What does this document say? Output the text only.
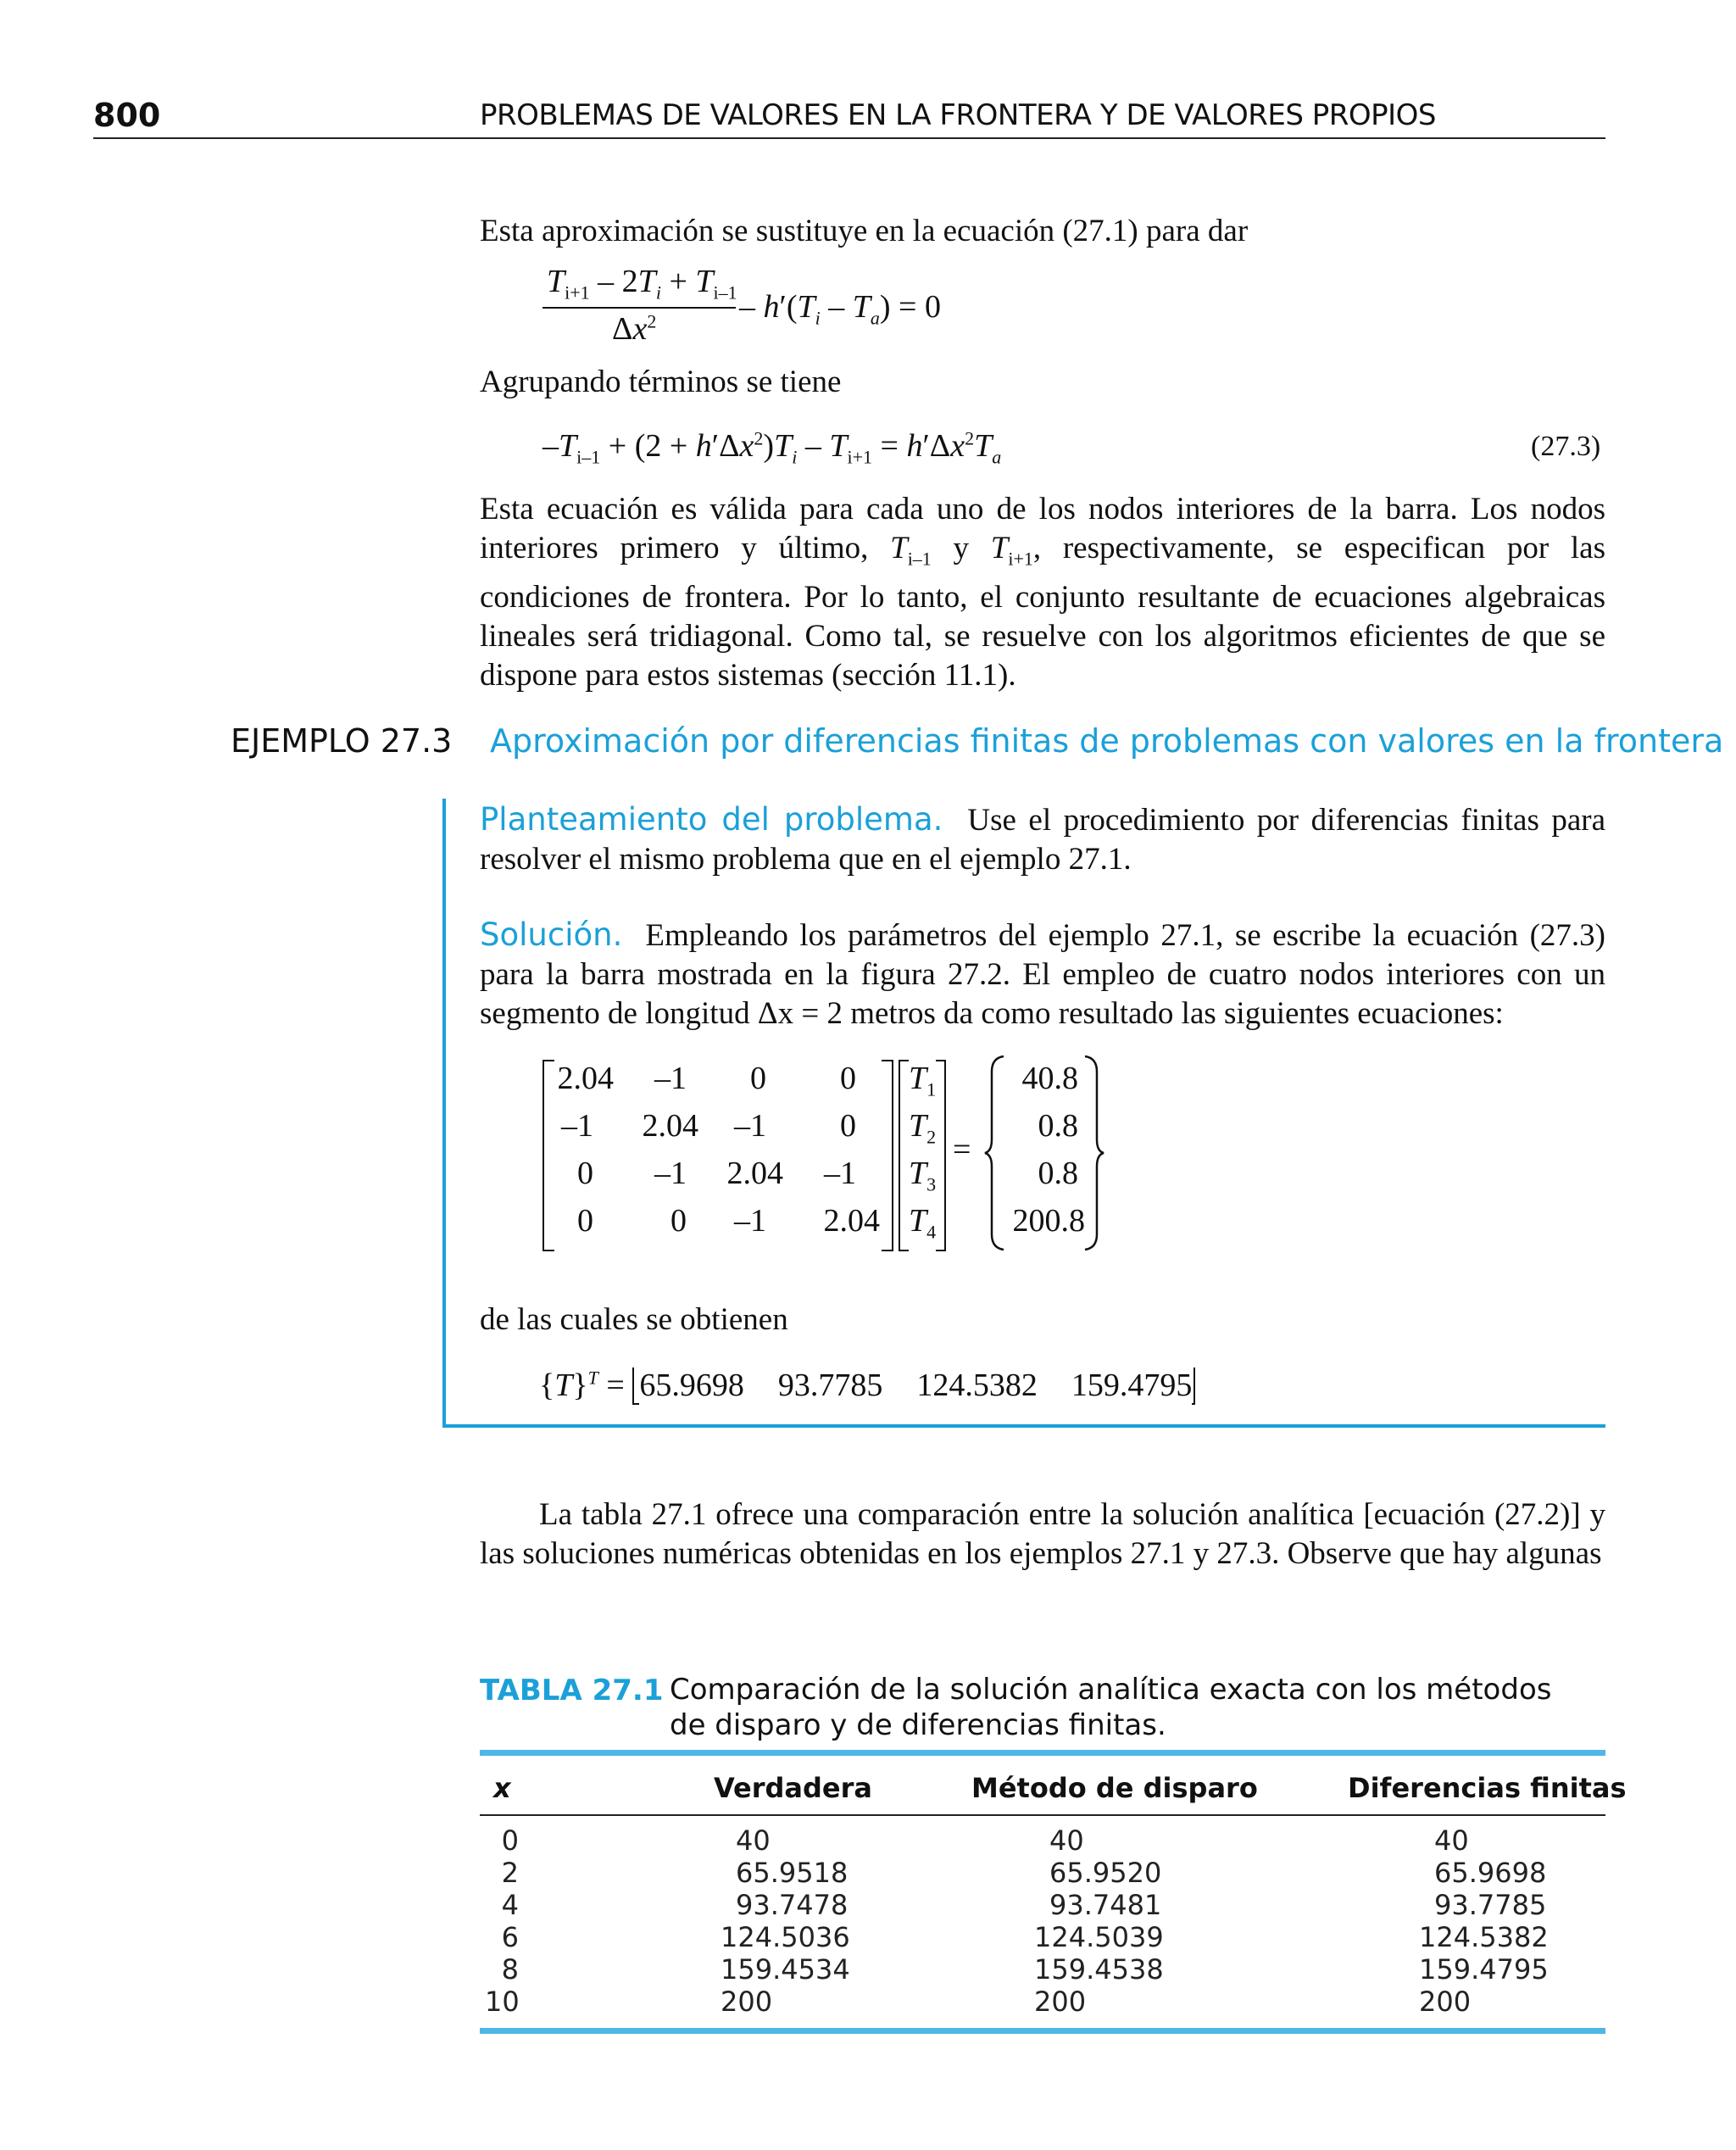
800	PROBLEMAS DE VALORES EN LA FRONTERA Y DE VALORES PROPIOS
Esta aproximación se sustituye en la ecuación (27.1) para dar
$T_{i+1} - 2T_i + T_{i-1}$
$\Delta x^2$	– $h'(T_i - T_a) = 0$
Agrupando términos se tiene
$-T_{i-1} + (2 + h'\Delta x^2)T_i - T_{i+1} = h'\Delta x^2T_a$	(27.3)
Esta ecuación es válida para cada uno de los nodos interiores de la barra. Los nodos interiores primero y último, $T_{i-1}$ y $T_{i+1}$, respectivamente, se especifican por las condiciones de frontera. Por lo tanto, el conjunto resultante de ecuaciones algebraicas lineales será tridiagonal. Como tal, se resuelve con los algoritmos eficientes de que se dispone para estos sistemas (sección 11.1).
EJEMPLO 27.3 Aproximación por diferencias finitas de problemas con valores en la frontera
Planteamiento del problema. Use el procedimiento por diferencias finitas para resolver el mismo problema que en el ejemplo 27.1.
Solución. Empleando los parámetros del ejemplo 27.1, se escribe la ecuación (27.3) para la barra mostrada en la figura 27.2. El empleo de cuatro nodos interiores con un segmento de longitud Δx = 2 metros da como resultado las siguientes ecuaciones:
2.04	–1	0	0
–1	2.04	–1	0
0	–1	2.04	–1
0	0	–1	2.04
$T_1$
$T_2$
$T_3$
$T_4$
=
40.8
0.8
0.8
200.8
de las cuales se obtienen
$\{T\}^T = 65.9698$ 93.7785 124.5382 159.4795
La tabla 27.1 ofrece una comparación entre la solución analítica [ecuación (27.2)] y las soluciones numéricas obtenidas en los ejemplos 27.1 y 27.3. Observe que hay algunas
TABLA 27.1 Comparación de la solución analítica exacta con los métodos
de disparo y de diferencias finitas.
x	Verdadera	Método de disparo	Diferencias finitas
0	40	40	40
2	65.9518	65.9520	65.9698
4	93.7478	93.7481	93.7785
6	124.5036	124.5039	124.5382
8	159.4534	159.4538	159.4795
10	200	200	200
